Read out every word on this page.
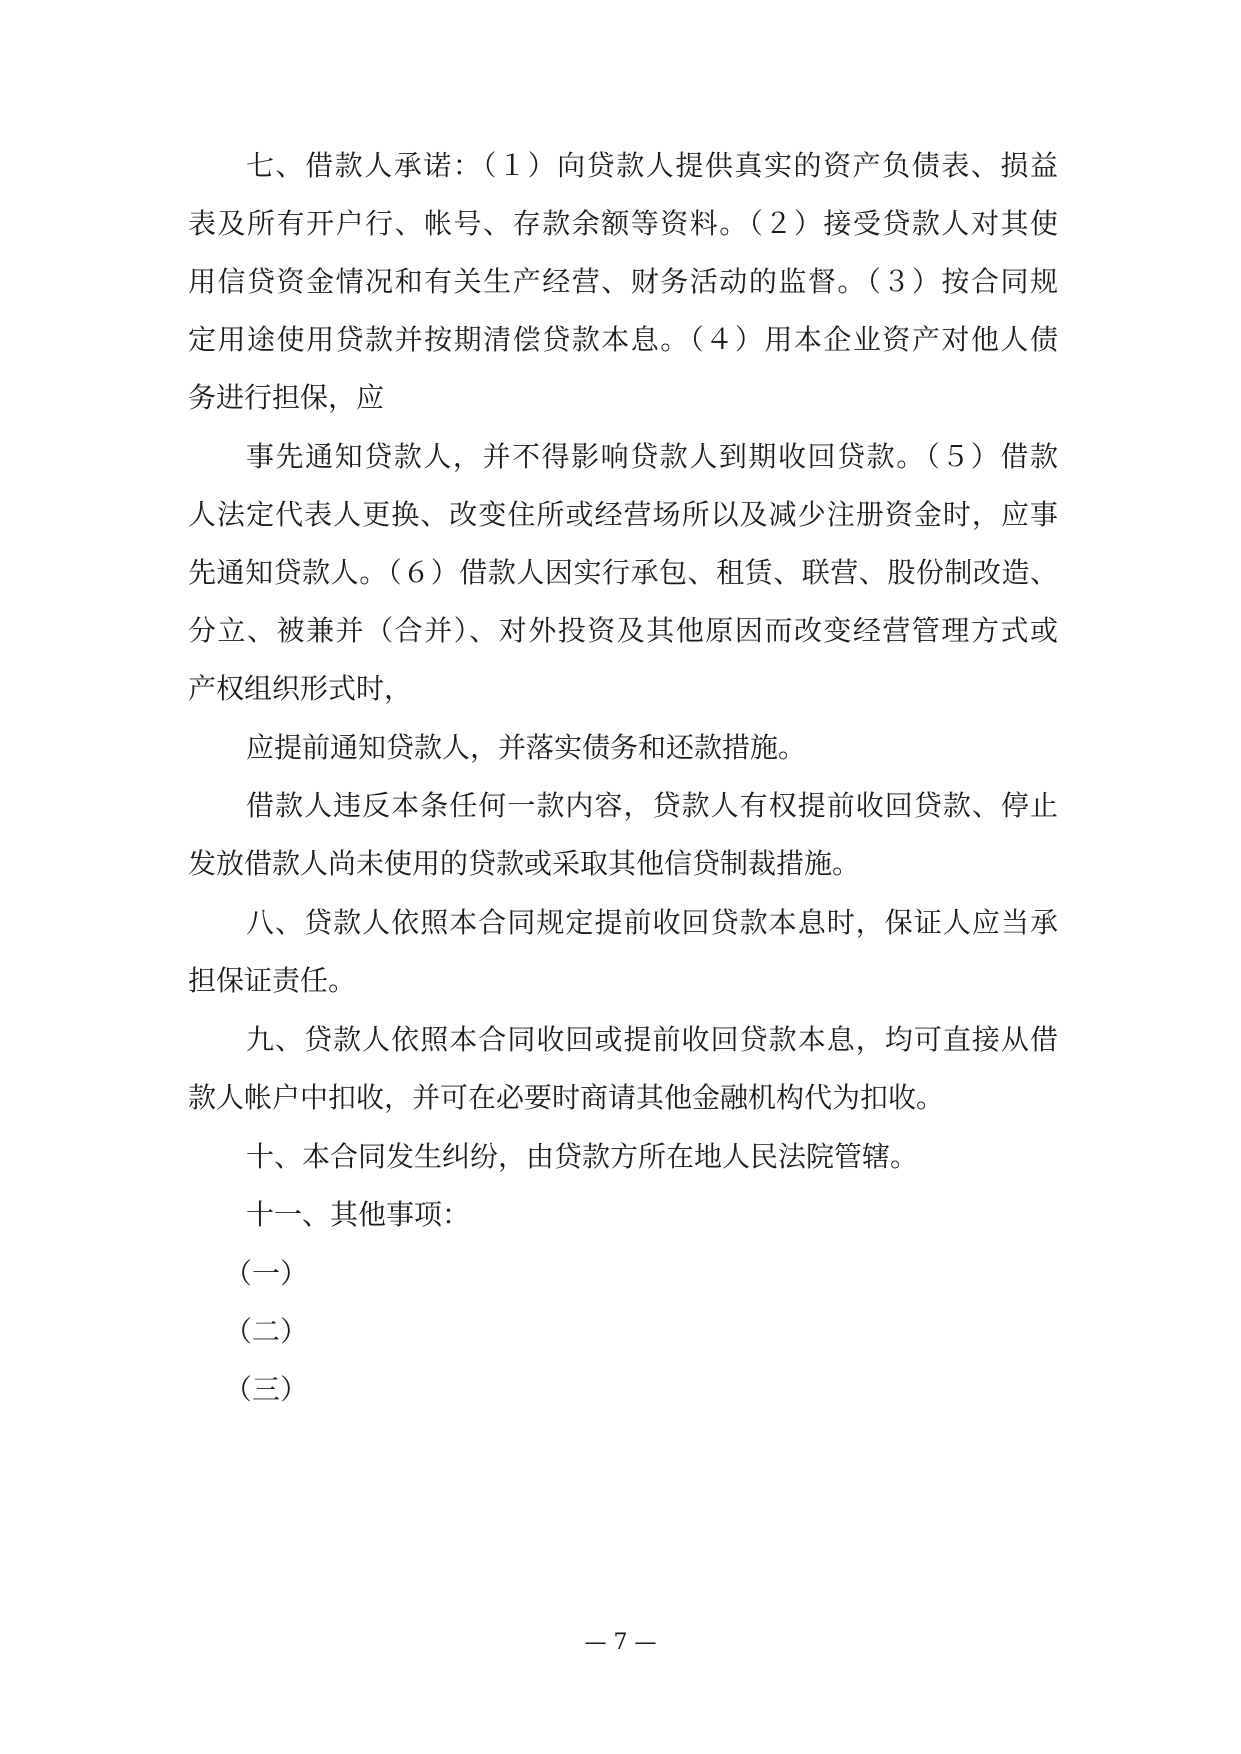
七、借款人承诺：（１）向贷款人提供真实的资产负债表、损益
表及所有开户行、帐号、存款余额等资料。（２）接受贷款人对其使
用信贷资金情况和有关生产经营、财务活动的监督。（３）按合同规
定用途使用贷款并按期清偿贷款本息。（４）用本企业资产对他人债
务进行担保，应
事先通知贷款人，并不得影响贷款人到期收回贷款。（５）借款
人法定代表人更换、改变住所或经营场所以及减少注册资金时，应事
先通知贷款人。（６）借款人因实行承包、租赁、联营、股份制改造、
分立、被兼并（合并）、对外投资及其他原因而改变经营管理方式或
产权组织形式时，
应提前通知贷款人，并落实债务和还款措施。
借款人违反本条任何一款内容，贷款人有权提前收回贷款、停止
发放借款人尚未使用的贷款或采取其他信贷制裁措施。
八、贷款人依照本合同规定提前收回贷款本息时，保证人应当承
担保证责任。
九、贷款人依照本合同收回或提前收回贷款本息，均可直接从借
款人帐户中扣收，并可在必要时商请其他金融机构代为扣收。
十、本合同发生纠纷，由贷款方所在地人民法院管辖。
十一、其他事项：
（一）
（二）
（三）
— 7 —
